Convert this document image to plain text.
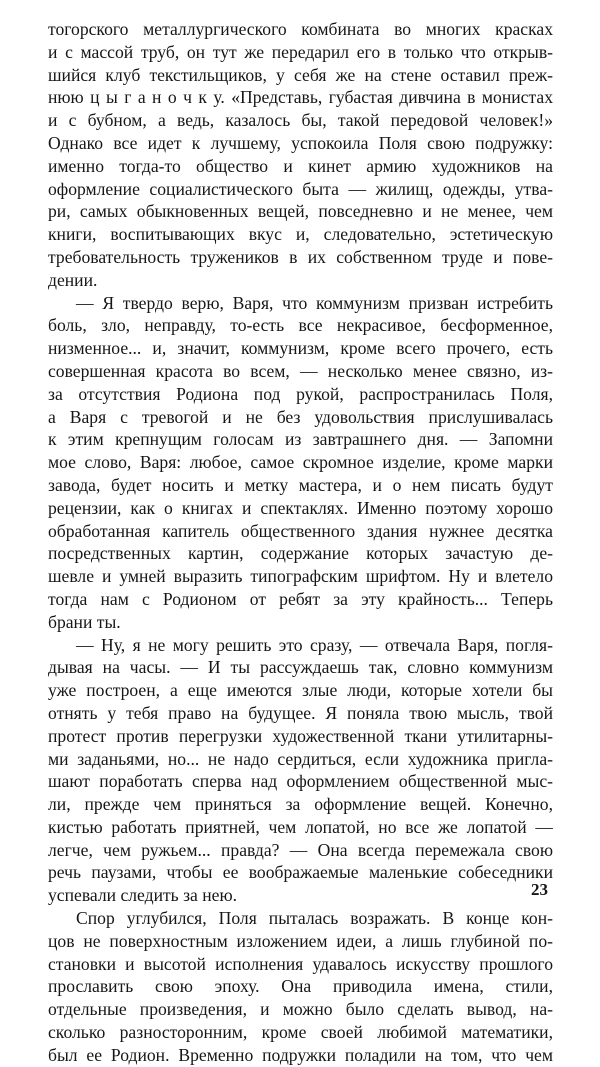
тогорского металлургического комбината во многих красках
и с массой труб, он тут же передарил его в только что открыв-
шийся клуб текстильщиков, у себя же на стене оставил преж-
нюю ц ы г а н о ч к у. «Представь, губастая дивчина в монистах
и с бубном, а ведь, казалось бы, такой передовой человек!»
Однако все идет к лучшему, успокоила Поля свою подружку:
именно тогда-то общество и кинет армию художников на
оформление социалистического быта — жилищ, одежды, утва-
ри, самых обыкновенных вещей, повседневно и не менее, чем
книги, воспитывающих вкус и, следовательно, эстетическую
требовательность тружеников в их собственном труде и пове-
дении.
— Я твердо верю, Варя, что коммунизм призван истребить
боль, зло, неправду, то-есть все некрасивое, бесформенное,
низменное... и, значит, коммунизм, кроме всего прочего, есть
совершенная красота во всем, — несколько менее связно, из-
за отсутствия Родиона под рукой, распространилась Поля,
а Варя с тревогой и не без удовольствия прислушивалась
к этим крепнущим голосам из завтрашнего дня. — Запомни
мое слово, Варя: любое, самое скромное изделие, кроме марки
завода, будет носить и метку мастера, и о нем писать будут
рецензии, как о книгах и спектаклях. Именно поэтому хорошо
обработанная капитель общественного здания нужнее десятка
посредственных картин, содержание которых зачастую де-
шевле и умней выразить типографским шрифтом. Ну и влетело
тогда нам с Родионом от ребят за эту крайность... Теперь
брани ты.
— Ну, я не могу решить это сразу, — отвечала Варя, погля-
дывая на часы. — И ты рассуждаешь так, словно коммунизм
уже построен, а еще имеются злые люди, которые хотели бы
отнять у тебя право на будущее. Я поняла твою мысль, твой
протест против перегрузки художественной ткани утилитарны-
ми заданьями, но... не надо сердиться, если художника пригла-
шают поработать сперва над оформлением общественной мыс-
ли, прежде чем приняться за оформление вещей. Конечно,
кистью работать приятней, чем лопатой, но все же лопатой —
легче, чем ружьем... правда? — Она всегда перемежала свою
речь паузами, чтобы ее воображаемые маленькие собеседники
успевали следить за нею.
Спор углубился, Поля пыталась возражать. В конце кон-
цов не поверхностным изложением идеи, а лишь глубиной по-
становки и высотой исполнения удавалось искусству прошлого
прославить свою эпоху. Она приводила имена, стили,
отдельные произведения, и можно было сделать вывод, на-
сколько разносторонним, кроме своей любимой математики,
был ее Родион. Временно подружки поладили на том, что чем
23
